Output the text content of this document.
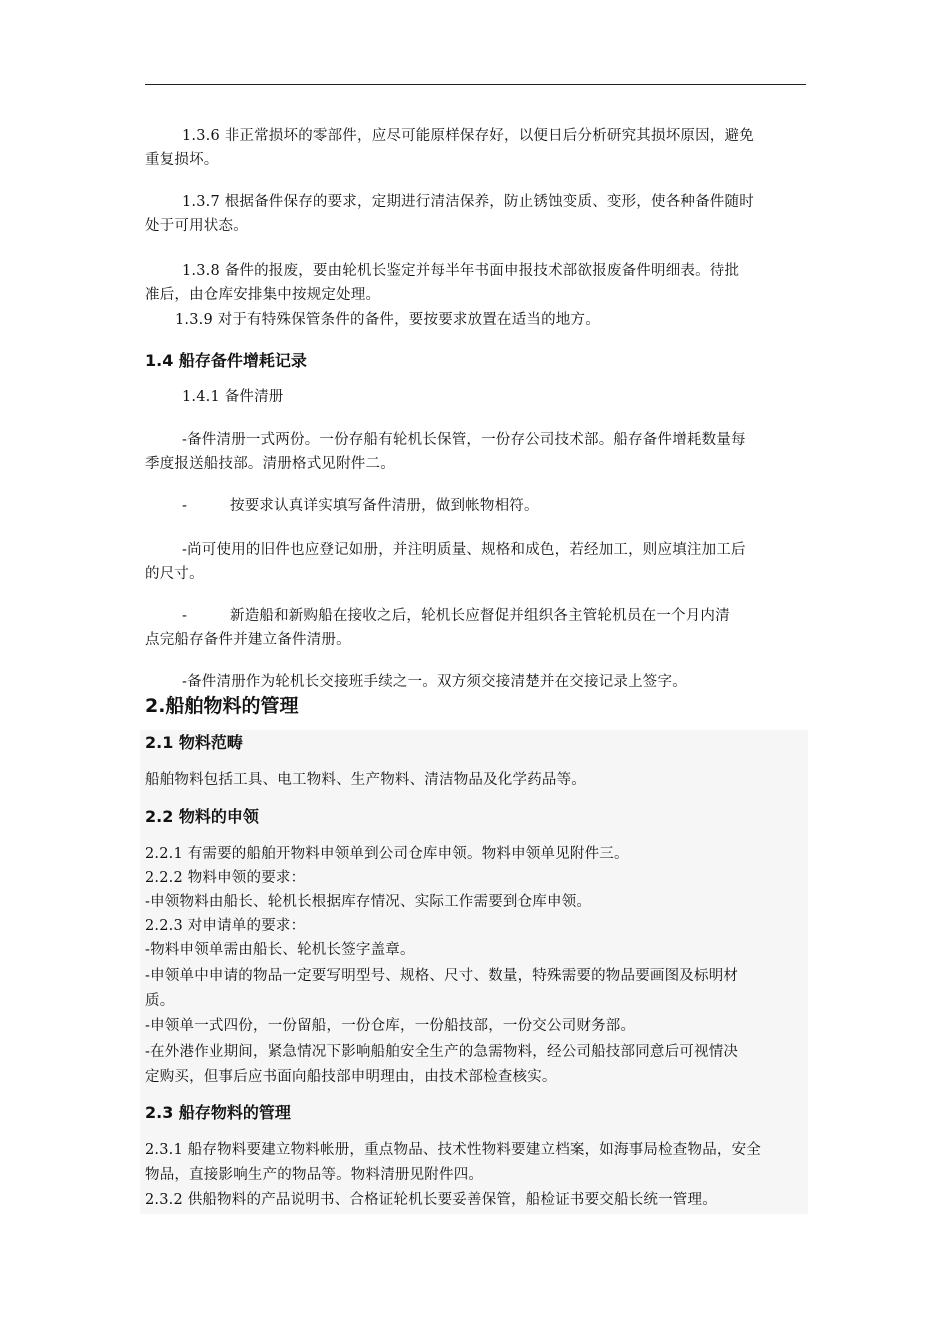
1.3.6 非正常损坏的零部件，应尽可能原样保存好，以便日后分析研究其损坏原因，避免
重复损坏。
1.3.7 根据备件保存的要求，定期进行清洁保养，防止锈蚀变质、变形，使各种备件随时
处于可用状态。
1.3.8 备件的报废，要由轮机长鉴定并每半年书面申报技术部欲报废备件明细表。待批
准后，由仓库安排集中按规定处理。
1.3.9 对于有特殊保管条件的备件，要按要求放置在适当的地方。
1.4 船存备件增耗记录
1.4.1 备件清册
-备件清册一式两份。一份存船有轮机长保管，一份存公司技术部。船存备件增耗数量每
季度报送船技部。清册格式见附件二。
-	按要求认真详实填写备件清册，做到帐物相符。
-尚可使用的旧件也应登记如册，并注明质量、规格和成色，若经加工，则应填注加工后
的尺寸。
-	新造船和新购船在接收之后，轮机长应督促并组织各主管轮机员在一个月内清
点完船存备件并建立备件清册。
-备件清册作为轮机长交接班手续之一。双方须交接清楚并在交接记录上签字。
2.船舶物料的管理
2.1 物料范畴
船舶物料包括工具、电工物料、生产物料、清洁物品及化学药品等。
2.2 物料的申领
2.2.1 有需要的船舶开物料申领单到公司仓库申领。物料申领单见附件三。
2.2.2 物料申领的要求：
-申领物料由船长、轮机长根据库存情况、实际工作需要到仓库申领。
2.2.3 对申请单的要求：
-物料申领单需由船长、轮机长签字盖章。
-申领单中申请的物品一定要写明型号、规格、尺寸、数量，特殊需要的物品要画图及标明材
质。
-申领单一式四份，一份留船，一份仓库，一份船技部，一份交公司财务部。
-在外港作业期间，紧急情况下影响船舶安全生产的急需物料，经公司船技部同意后可视情决
定购买，但事后应书面向船技部申明理由，由技术部检查核实。
2.3 船存物料的管理
2.3.1 船存物料要建立物料帐册，重点物品、技术性物料要建立档案，如海事局检查物品，安全
物品，直接影响生产的物品等。物料清册见附件四。
2.3.2 供船物料的产品说明书、合格证轮机长要妥善保管，船检证书要交船长统一管理。
